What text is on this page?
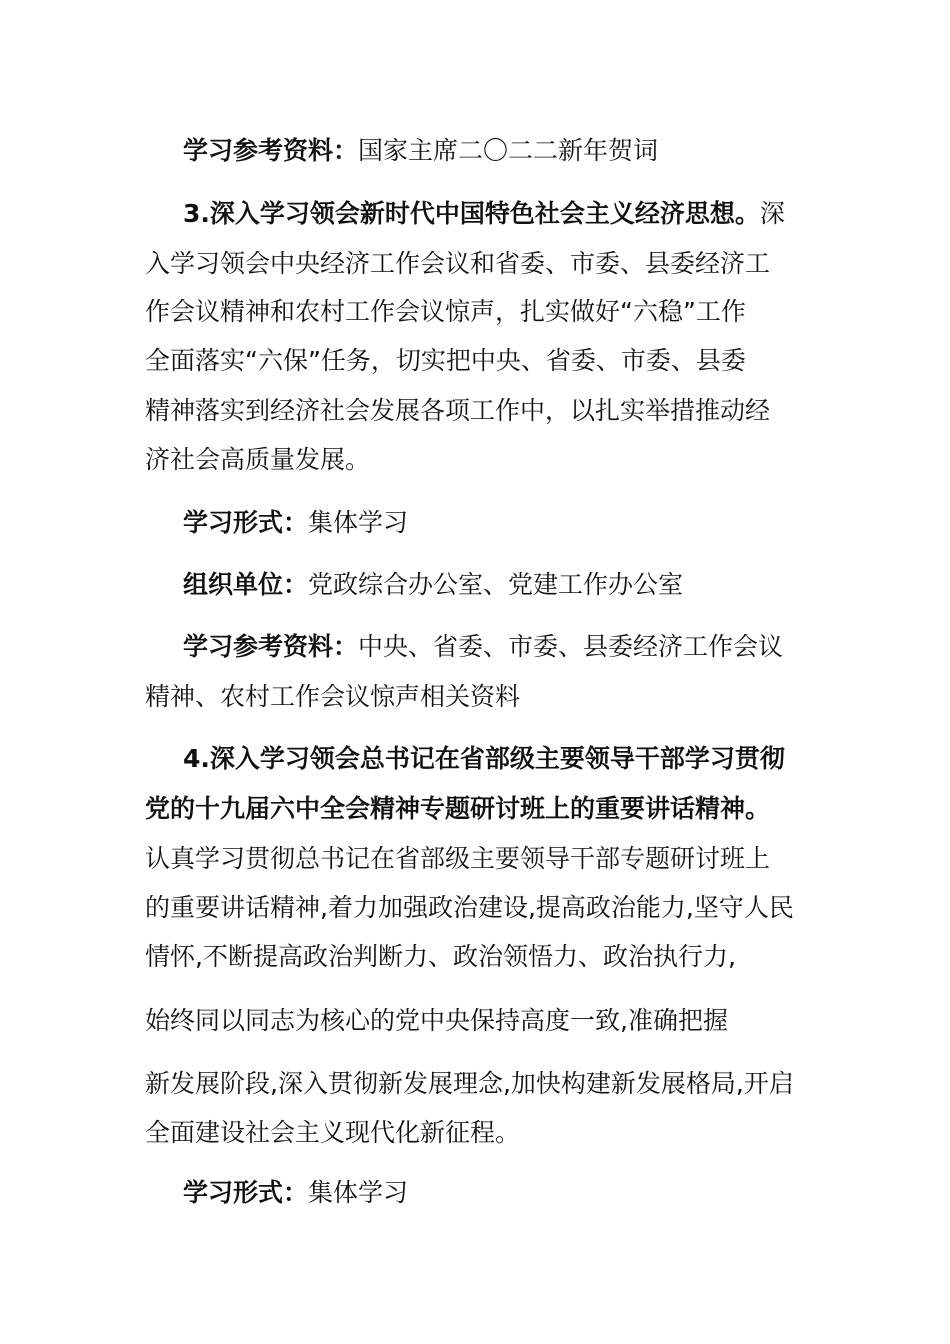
学习参考资料：国家主席二〇二二新年贺词
3.深入学习领会新时代中国特色社会主义经济思想。深
入学习领会中央经济工作会议和省委、市委、县委经济工
作会议精神和农村工作会议惊声，扎实做好“六稳”工作
全面落实“六保”任务，切实把中央、省委、市委、县委
精神落实到经济社会发展各项工作中，以扎实举措推动经
济社会高质量发展。
学习形式：集体学习
组织单位：党政综合办公室、党建工作办公室
学习参考资料：中央、省委、市委、县委经济工作会议
精神、农村工作会议惊声相关资料
4.深入学习领会总书记在省部级主要领导干部学习贯彻
党的十九届六中全会精神专题研讨班上的重要讲话精神。
认真学习贯彻总书记在省部级主要领导干部专题研讨班上
的重要讲话精神,着力加强政治建设,提高政治能力,坚守人民
情怀,不断提高政治判断力、政治领悟力、政治执行力,
始终同以同志为核心的党中央保持高度一致,准确把握
新发展阶段,深入贯彻新发展理念,加快构建新发展格局,开启
全面建设社会主义现代化新征程。
学习形式：集体学习
